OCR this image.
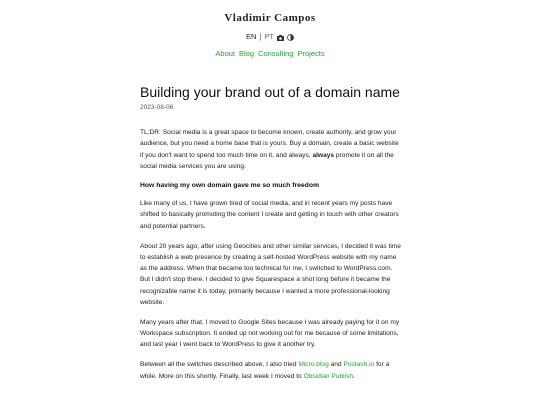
Vladimir Campos
EN | PT
About Blog Consulting Projects
Building your brand out of a domain name
2023-08-06

TL;DR: Social media is a great space to become known, create authority, and grow your audience, but you need a home base that is yours. Buy a domain, create a basic website if you don't want to spend too much time on it, and always, always promote it on all the social media services you are using.

How having my own domain gave me so much freedom

Like many of us, I have grown tired of social media, and in recent years my posts have shifted to basically promoting the content I create and getting in touch with other creators and potential partners.

About 20 years ago, after using Geocities and other similar services, I decided it was time to establish a web presence by creating a self-hosted WordPress website with my name as the address. When that became too technical for me, I switched to WordPress.com. But I didn't stop there. I decided to give Squarespace a shot long before it became the recognizable name it is today, primarily because I wanted a more professional-looking website.

Many years after that, I moved to Google Sites because I was already paying for it on my Workspace subscription. It ended up not working out for me because of some limitations, and last year I went back to WordPress to give it another try.

Between all the switches described above, I also tried Micro.blog and Postash.io for a while. More on this shortly. Finally, last week I moved to Obsidian Publish.
